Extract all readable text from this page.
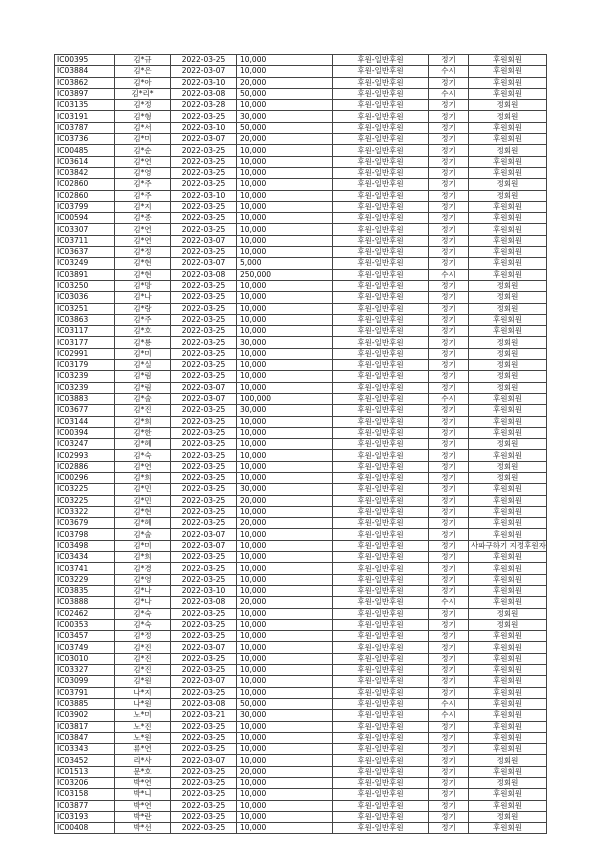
IC00395	김*규	2022-03-25	10,000	후원-일반후원	정기	후원회원
IC03884	김*은	2022-03-07	10,000	후원-일반후원	수시	후원회원
IC03862	김*아	2022-03-10	20,000	후원-일반후원	정기	후원회원
IC03897	김*리*	2022-03-08	50,000	후원-일반후원	수시	후원회원
IC03135	김*정	2022-03-28	10,000	후원-일반후원	정기	정회원
IC03191	김*형	2022-03-25	30,000	후원-일반후원	정기	정회원
IC03787	김*서	2022-03-10	50,000	후원-일반후원	정기	후원회원
IC03736	김*미	2022-03-07	20,000	후원-일반후원	정기	후원회원
IC00485	김*순	2022-03-25	10,000	후원-일반후원	정기	정회원
IC03614	김*연	2022-03-25	10,000	후원-일반후원	정기	후원회원
IC03842	김*영	2022-03-25	10,000	후원-일반후원	정기	후원회원
IC02860	김*주	2022-03-25	10,000	후원-일반후원	정기	정회원
IC02860	김*주	2022-03-10	10,000	후원-일반후원	정기	정회원
IC03799	김*지	2022-03-25	10,000	후원-일반후원	정기	후원회원
IC00594	김*종	2022-03-25	10,000	후원-일반후원	정기	후원회원
IC03307	김*연	2022-03-25	10,000	후원-일반후원	정기	후원회원
IC03711	김*연	2022-03-07	10,000	후원-일반후원	정기	후원회원
IC03637	김*정	2022-03-25	10,000	후원-일반후원	정기	후원회원
IC03249	김*현	2022-03-07	5,000	후원-일반후원	정기	후원회원
IC03891	김*현	2022-03-08	250,000	후원-일반후원	수시	후원회원
IC03250	김*망	2022-03-25	10,000	후원-일반후원	정기	정회원
IC03036	김*나	2022-03-25	10,000	후원-일반후원	정기	정회원
IC03251	김*랑	2022-03-25	10,000	후원-일반후원	정기	정회원
IC03863	김*주	2022-03-25	10,000	후원-일반후원	정기	후원회원
IC03117	김*호	2022-03-25	10,000	후원-일반후원	정기	후원회원
IC03177	김*룡	2022-03-25	30,000	후원-일반후원	정기	정회원
IC02991	김*미	2022-03-25	10,000	후원-일반후원	정기	정회원
IC03179	김*실	2022-03-25	10,000	후원-일반후원	정기	정회원
IC03239	김*림	2022-03-25	10,000	후원-일반후원	정기	정회원
IC03239	김*림	2022-03-07	10,000	후원-일반후원	정기	정회원
IC03883	김*술	2022-03-07	100,000	후원-일반후원	수시	후원회원
IC03677	김*진	2022-03-25	30,000	후원-일반후원	정기	후원회원
IC03144	김*희	2022-03-25	10,000	후원-일반후원	정기	후원회원
IC00394	김*한	2022-03-25	10,000	후원-일반후원	정기	후원회원
IC03247	김*혜	2022-03-25	10,000	후원-일반후원	정기	정회원
IC02993	김*숙	2022-03-25	10,000	후원-일반후원	정기	후원회원
IC02886	김*연	2022-03-25	10,000	후원-일반후원	정기	정회원
IC00296	김*희	2022-03-25	10,000	후원-일반후원	정기	정회원
IC03225	김*민	2022-03-25	30,000	후원-일반후원	정기	후원회원
IC03225	김*민	2022-03-25	20,000	후원-일반후원	정기	후원회원
IC03322	김*현	2022-03-25	10,000	후원-일반후원	정기	후원회원
IC03679	김*혜	2022-03-25	20,000	후원-일반후원	정기	후원회원
IC03798	김*술	2022-03-07	10,000	후원-일반후원	정기	후원회원
IC03498	김*미	2022-03-07	10,000	후원-일반후원	정기	사파구하기 지정후원자
IC03434	김*희	2022-03-25	10,000	후원-일반후원	정기	후원회원
IC03741	김*경	2022-03-25	10,000	후원-일반후원	정기	후원회원
IC03229	김*영	2022-03-25	10,000	후원-일반후원	정기	후원회원
IC03835	김*나	2022-03-10	10,000	후원-일반후원	정기	후원회원
IC03888	김*나	2022-03-08	20,000	후원-일반후원	수시	후원회원
IC02462	김*숙	2022-03-25	10,000	후원-일반후원	정기	정회원
IC00353	김*숙	2022-03-25	10,000	후원-일반후원	정기	정회원
IC03457	김*정	2022-03-25	10,000	후원-일반후원	정기	후원회원
IC03749	김*진	2022-03-07	10,000	후원-일반후원	정기	후원회원
IC03010	김*진	2022-03-25	10,000	후원-일반후원	정기	후원회원
IC03327	김*진	2022-03-25	10,000	후원-일반후원	정기	후원회원
IC03099	김*원	2022-03-07	10,000	후원-일반후원	정기	후원회원
IC03791	나*지	2022-03-25	10,000	후원-일반후원	정기	후원회원
IC03885	나*원	2022-03-08	50,000	후원-일반후원	수시	후원회원
IC03902	노*미	2022-03-21	30,000	후원-일반후원	수시	후원회원
IC03817	노*진	2022-03-25	10,000	후원-일반후원	정기	후원회원
IC03847	노*원	2022-03-25	10,000	후원-일반후원	정기	후원회원
IC03343	류*연	2022-03-25	10,000	후원-일반후원	정기	후원회원
IC03452	리*사	2022-03-07	10,000	후원-일반후원	정기	정회원
IC01513	문*호	2022-03-25	20,000	후원-일반후원	정기	후원회원
IC03206	박*연	2022-03-25	10,000	후원-일반후원	정기	정회원
IC03158	박*니	2022-03-25	10,000	후원-일반후원	정기	후원회원
IC03877	박*연	2022-03-25	10,000	후원-일반후원	정기	후원회원
IC03193	박*란	2022-03-25	10,000	후원-일반후원	정기	정회원
IC00408	박*선	2022-03-25	10,000	후원-일반후원	정기	후원회원
